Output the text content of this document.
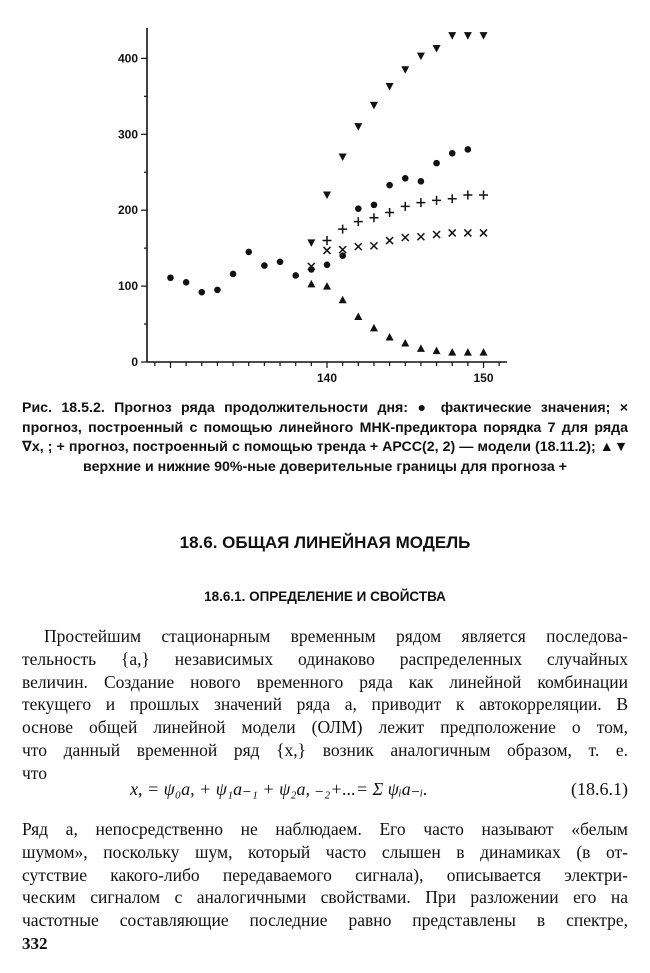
140	150
0
100
200
300
400
Рис. 18.5.2. Прогноз ряда продолжительности дня: ● фактические значения; × прогноз, построенный с помощью линейного МНК-предиктора порядка 7 для ряда ∇x, ; + прогноз, построенный с помощью тренда + АРСС(2, 2) — модели (18.11.2); ▲▼ верхние и нижние 90%-ные доверительные границы для прогноза +
18.6. ОБЩАЯ ЛИНЕЙНАЯ МОДЕЛЬ
18.6.1. ОПРЕДЕЛЕНИЕ И СВОЙСТВА
Простейшим стационарным временным рядом является последова-
тельность {a,} независимых одинаково распределенных случайных
величин. Создание нового временного ряда как линейной комбинации
текущего и прошлых значений ряда a, приводит к автокорреляции. В
основе общей линейной модели (ОЛМ) лежит предположение о том,
что данный временной ряд {x,} возник аналогичным образом, т. е.
что
x, = ψ₀a, + ψ₁a₋₁ + ψ₂a, ₋₂+...= Σ ψᵢa₋ᵢ.	(18.6.1)
Ряд a, непосредственно не наблюдаем. Его часто называют «белым
шумом», поскольку шум, который часто слышен в динамиках (в от-
сутствие какого-либо передаваемого сигнала), описывается электри-
ческим сигналом с аналогичными свойствами. При разложении его на
частотные составляющие последние равно представлены в спектре,
332
